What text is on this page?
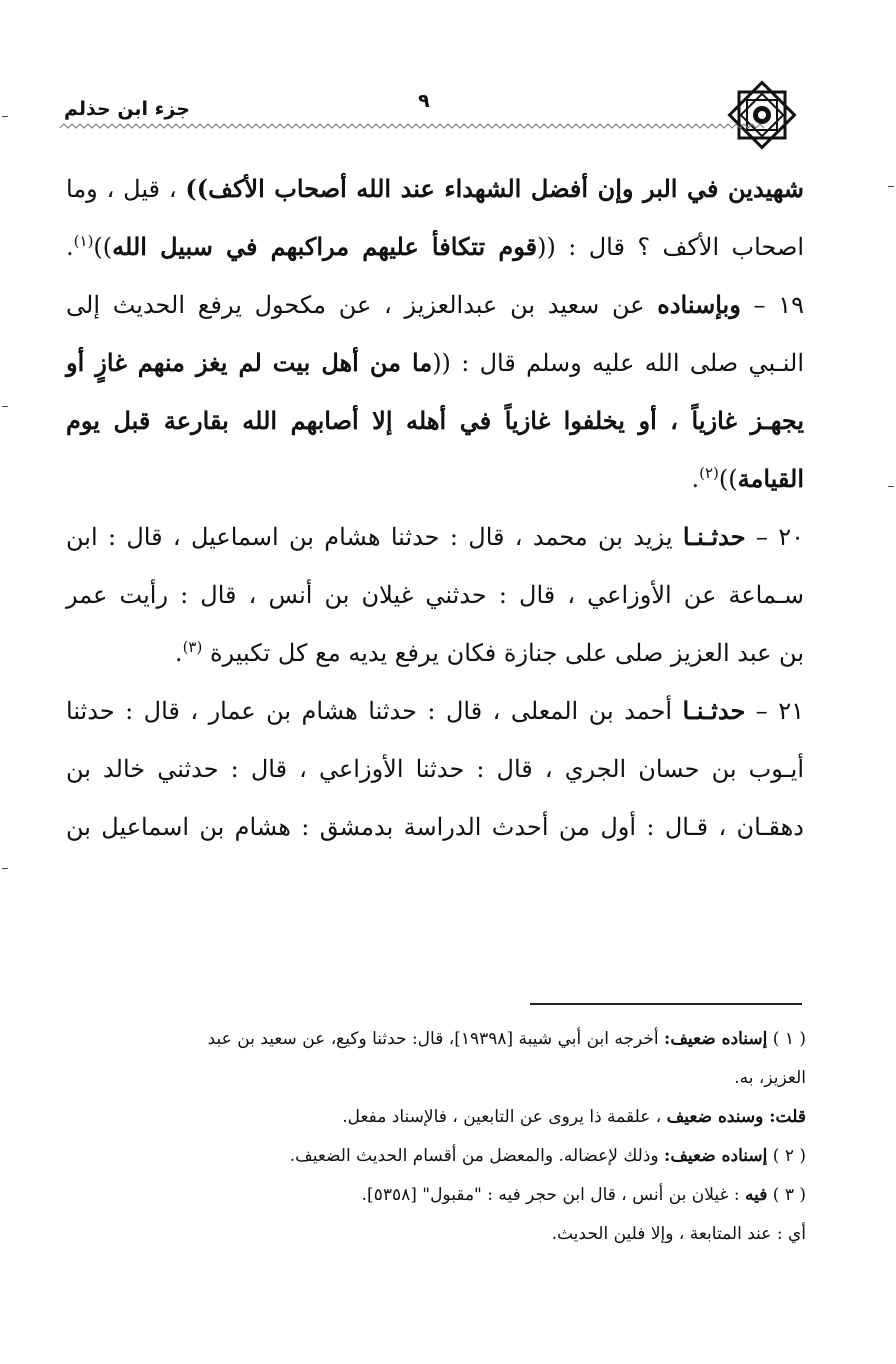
جزء ابن حذلم	٩
شهيدين في البر وإن أفضل الشهداء عند الله أصحاب الأكف)) ، قيل ، وما
اصحاب الأكف ؟ قال : ((قوم تتكافأ عليهم مراكبهم في سبيل الله))$^{(١)}$.
١٩ – وبإسناده عن سعيد بن عبدالعزيز ، عن مكحول يرفع الحديث إلى
النـبي صلى الله عليه وسلم قال : ((ما من أهل بيت لم يغز منهم غازٍ أو
يجهـز غازياً ، أو يخلفوا غازياً في أهله إلا أصابهم الله بقارعة قبل يوم
القيامة))$^{(٢)}$.
٢٠ – حدثـنـا يزيد بن محمد ، قال : حدثنا هشام بن اسماعيل ، قال : ابن
سـماعة عن الأوزاعي ، قال : حدثني غيلان بن أنس ، قال : رأيت عمر
بن عبد العزيز صلى على جنازة فكان يرفع يديه مع كل تكبيرة $^{(٣)}$.
٢١ – حدثـنـا أحمد بن المعلى ، قال : حدثنا هشام بن عمار ، قال : حدثنا
أيـوب بن حسان الجري ، قال : حدثنا الأوزاعي ، قال : حدثني خالد بن
دهقـان ، قـال : أول من أحدث الدراسة بدمشق : هشام بن اسماعيل بن
( ١ ) إسناده ضعيف: أخرجه ابن أبي شيبة [١٩٣٩٨]، قال: حدثنا وكيع، عن سعيد بن عبد
العزيز، به.
قلت: وسنده ضعيف ، علقمة ذا يروى عن التابعين ، فالإسناد مفعل.
( ٢ ) إسناده ضعيف: وذلك لإعضاله. والمعضل من أقسام الحديث الضعيف.
( ٣ ) فيه : غيلان بن أنس ، قال ابن حجر فيه : "مقبول" [٥٣٥٨].
أي : عند المتابعة ، وإلا فلين الحديث.
